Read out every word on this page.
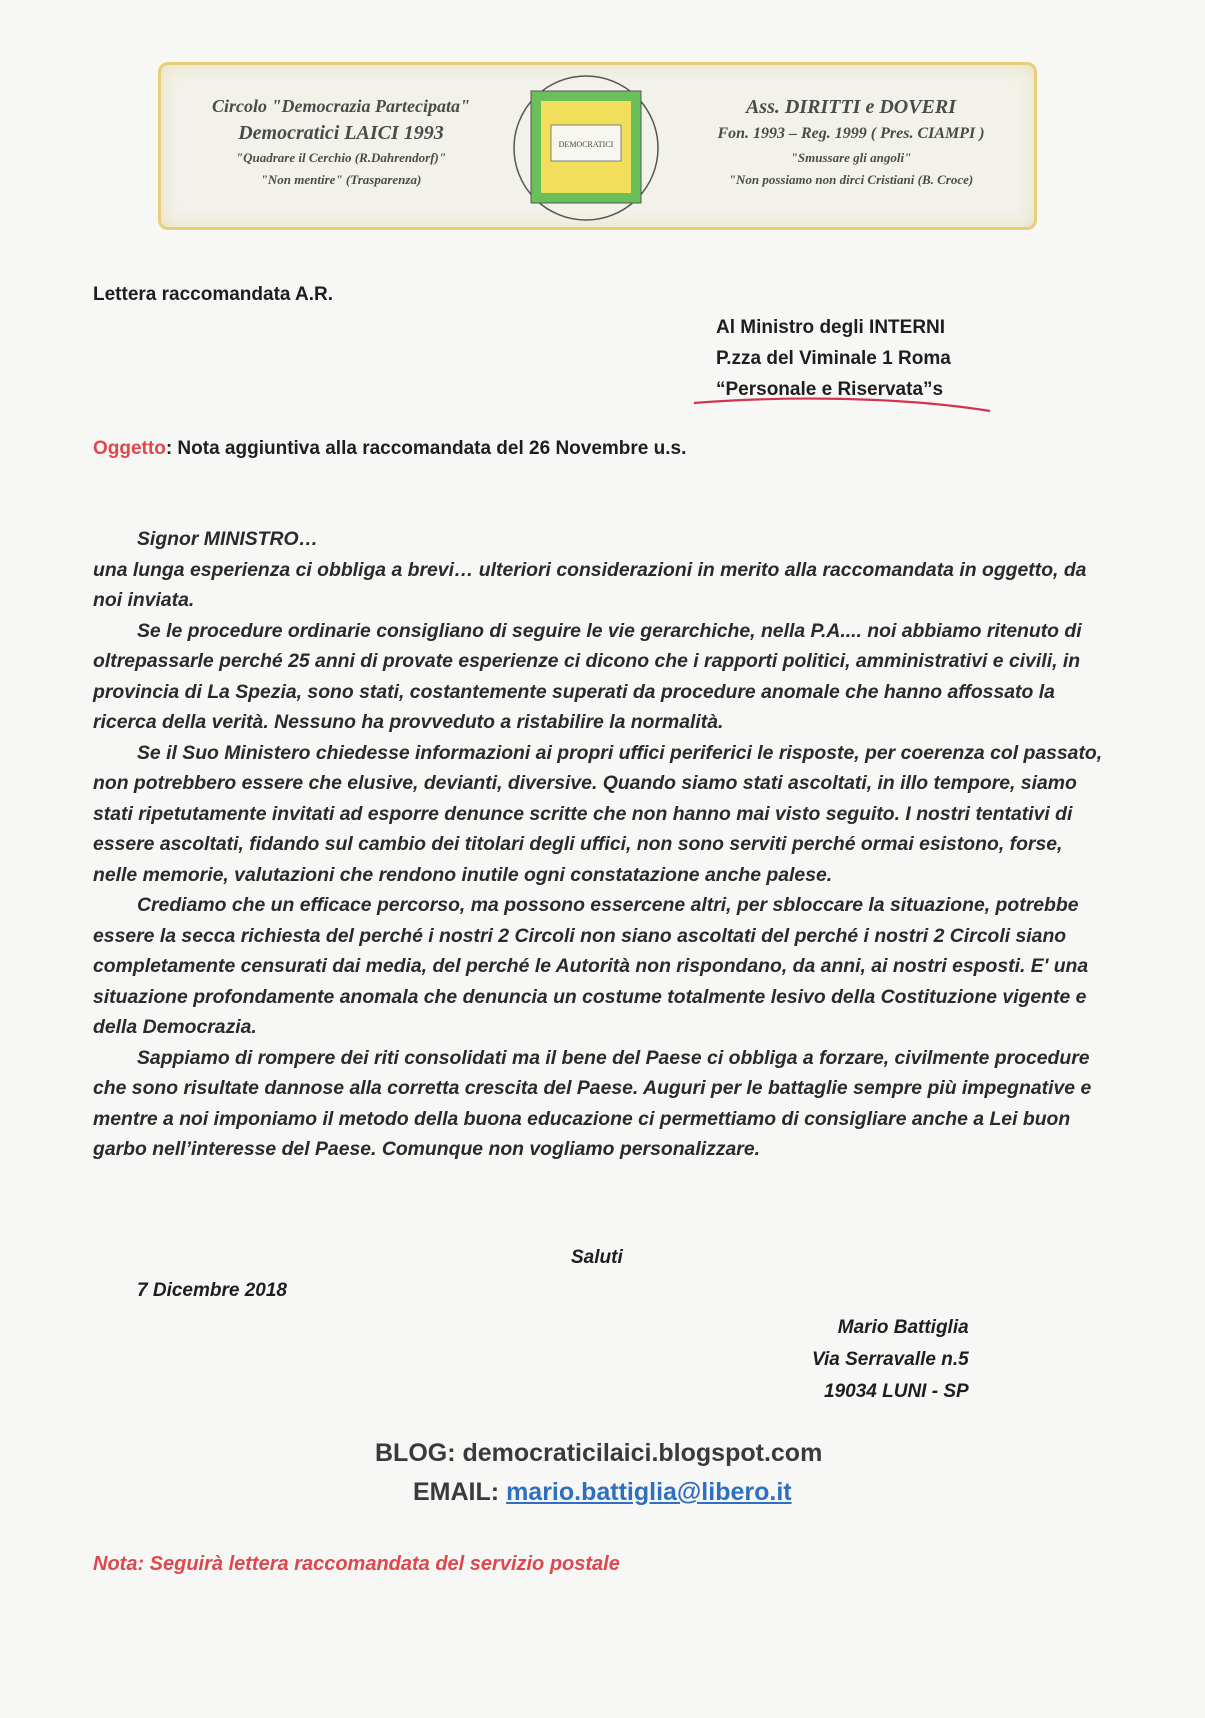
Circolo "Democrazia Partecipata"
Democratici LAICI 1993
"Quadrare il Cerchio (R.Dahrendorf)"
"Non mentire" (Trasparenza)
DEMOCRATICI
Ass. DIRITTI e DOVERI
Fon. 1993 – Reg. 1999 ( Pres. CIAMPI )
"Smussare gli angoli"
"Non possiamo non dirci Cristiani (B. Croce)
Lettera raccomandata A.R.
Al Ministro degli INTERNI
P.zza del Viminale 1 Roma
“Personale e Riservata”s
Oggetto: Nota aggiuntiva alla raccomandata del 26 Novembre u.s.

Signor MINISTRO…

una lunga esperienza ci obbliga a brevi… ulteriori considerazioni in merito alla raccomandata in oggetto, da noi inviata.

Se le procedure ordinarie consigliano di seguire le vie gerarchiche, nella P.A.... noi abbiamo ritenuto di oltrepassarle perché 25 anni di provate esperienze ci dicono che i rapporti politici, amministrativi e civili, in provincia di La Spezia, sono stati, costantemente superati da procedure anomale che hanno affossato la ricerca della verità. Nessuno ha provveduto a ristabilire la normalità.

Se il Suo Ministero chiedesse informazioni ai propri uffici periferici le risposte, per coerenza col passato, non potrebbero essere che elusive, devianti, diversive. Quando siamo stati ascoltati, in illo tempore, siamo stati ripetutamente invitati ad esporre denunce scritte che non hanno mai visto seguito. I nostri tentativi di essere ascoltati, fidando sul cambio dei titolari degli uffici, non sono serviti perché ormai esistono, forse, nelle memorie, valutazioni che rendono inutile ogni constatazione anche palese.

Crediamo che un efficace percorso, ma possono essercene altri, per sbloccare la situazione, potrebbe essere la secca richiesta del perché i nostri 2 Circoli non siano ascoltati del perché i nostri 2 Circoli siano completamente censurati dai media, del perché le Autorità non rispondano, da anni, ai nostri esposti. E' una situazione profondamente anomala che denuncia un costume totalmente lesivo della Costituzione vigente e della Democrazia.

Sappiamo di rompere dei riti consolidati ma il bene del Paese ci obbliga a forzare, civilmente procedure che sono risultate dannose alla corretta crescita del Paese. Auguri per le battaglie sempre più impegnative e mentre a noi imponiamo il metodo della buona educazione ci permettiamo di consigliare anche a Lei buon garbo nell’interesse del Paese. Comunque non vogliamo personalizzare.

Saluti
7 Dicembre 2018
Mario Battiglia
Via Serravalle n.5
19034 LUNI - SP
BLOG: democraticilaici.blogspot.com
EMAIL: mario.battiglia@libero.it
Nota: Seguirà lettera raccomandata del servizio postale
